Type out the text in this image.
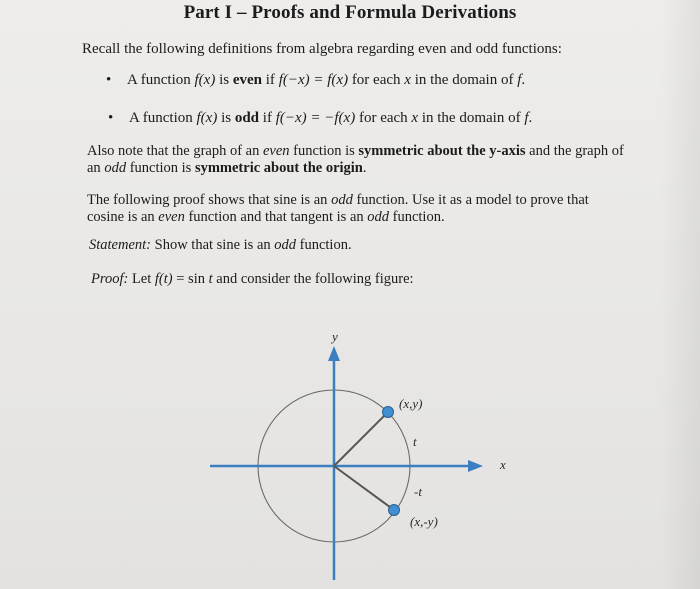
Part I – Proofs and Formula Derivations
Recall the following definitions from algebra regarding even and odd functions:
• A function f(x) is even if f(−x) = f(x) for each x in the domain of f.
• A function f(x) is odd if f(−x) = −f(x) for each x in the domain of f.
Also note that the graph of an even function is symmetric about the y-axis and the graph of an odd function is symmetric about the origin.
The following proof shows that sine is an odd function. Use it as a model to prove that cosine is an even function and that tangent is an odd function.
Statement: Show that sine is an odd function.
Proof: Let f(t) = sin t and consider the following figure:
y
x
(x,y)
t
-t
(x,-y)
